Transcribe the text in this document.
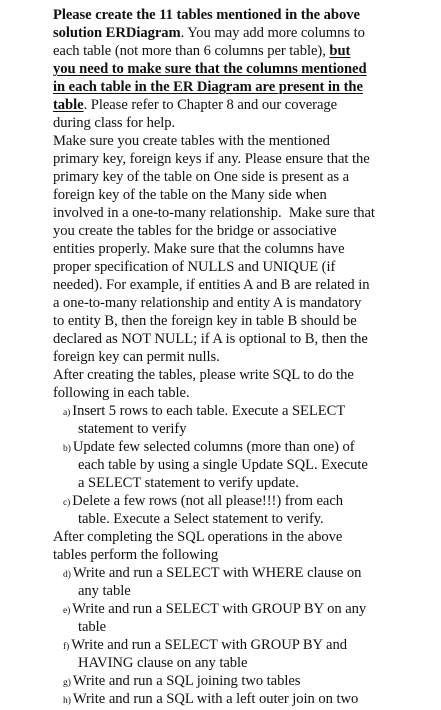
Please create the 11 tables mentioned in the above
solution ERDiagram. You may add more columns to
each table (not more than 6 columns per table), but
you need to make sure that the columns mentioned
in each table in the ER Diagram are present in the
table. Please refer to Chapter 8 and our coverage
during class for help.
Make sure you create tables with the mentioned
primary key, foreign keys if any. Please ensure that the
primary key of the table on One side is present as a
foreign key of the table on the Many side when
involved in a one-to-many relationship.  Make sure that
you create the tables for the bridge or associative
entities properly. Make sure that the columns have
proper specification of NULLS and UNIQUE (if
needed). For example, if entities A and B are related in
a one-to-many relationship and entity A is mandatory
to entity B, then the foreign key in table B should be
declared as NOT NULL; if A is optional to B, then the
foreign key can permit nulls.
After creating the tables, please write SQL to do the
following in each table.
a) Insert 5 rows to each table. Execute a SELECT
statement to verify
b) Update few selected columns (more than one) of
each table by using a single Update SQL. Execute
a SELECT statement to verify update.
c) Delete a few rows (not all please!!!) from each
table. Execute a Select statement to verify.
After completing the SQL operations in the above
tables perform the following
d) Write and run a SELECT with WHERE clause on
any table
e) Write and run a SELECT with GROUP BY on any
table
f) Write and run a SELECT with GROUP BY and
HAVING clause on any table
g) Write and run a SQL joining two tables
h) Write and run a SQL with a left outer join on two
